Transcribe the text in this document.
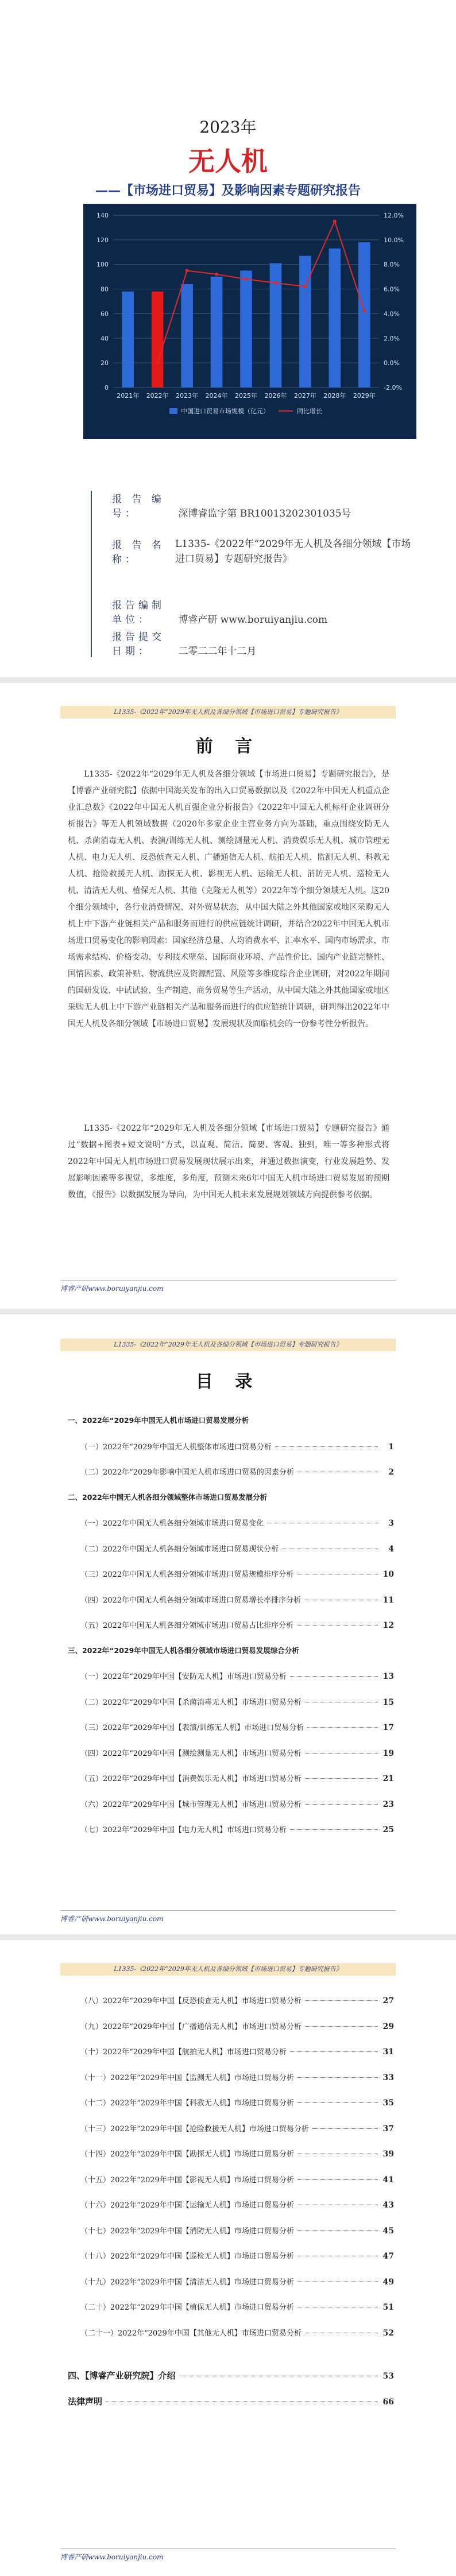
2023年
无人机
——【市场进口贸易】及影响因素专题研究报告
0
20
40
60
80
100
120
140
-2.0%
0.0%
2.0%
4.0%
6.0%
8.0%
10.0%
12.0%
2021年 2022年 2023年 2024年 2025年 2026年 2027年 2028年 2029年
中国进口贸易市场规模（亿元）	同比增长
报 告 编 号：	深博睿监字第 BR10013202301035号
报 告 名 称：
L1335-《2022年“2029年无人机及各细分领域【市场进口贸易】专题研究报告》
报告编制单位：	博睿产研 www.boruiyanjiu.com
报告提交日期：	二零二二年十二月
L1335-《2022年“2029年无人机及各细分领域【市场进口贸易】专题研究报告》
前 言
L1335-《2022年“2029年无人机及各细分领域【市场进口贸易】专题研究报告》，是【博睿产业研究院】依据中国海关发布的出入口贸易数据以及《2022年中国无人机重点企业汇总数》《2022年中国无人机百强企业分析报告》《2022年中国无人机标杆企业调研分析报告》等无人机领域数据（2020年多家企业主营业务方向为基础，重点围绕安防无人机、杀菌消毒无人机、表演/训练无人机、测绘测量无人机、消费娱乐无人机、城市管理无人机、电力无人机、反恐侦查无人机、广播通信无人机、航拍无人机、监测无人机、科教无人机、抢险救援无人机、勘探无人机、影视无人机、运输无人机、消防无人机、巡检无人机、清洁无人机、植保无人机、其他（克隆无人机等）2022年等个细分领域无人机。这20个细分领域中，各行业消费情况、对外贸易状态，从中国大陆之外其他国家或地区采购无人机上中下游产业链相关产品和服务而进行的供应链统计调研，并结合2022年中国无人机市场进口贸易变化的影响因素：国家经济总量、人均消费水平、汇率水平、国内市场需求、市场需求结构、价格变动、专利技术壁垒、国际商业环境、产品性价比、国内产业链完整性、国情因素、政策补贴、物流供应及资源配置、风险等多维度综合企业调研，对2022年期间的国研发设、中试试验、生产制造、商务贸易等生产活动，从中国大陆之外其他国家或地区采购无人机上中下游产业链相关产品和服务而进行的供应链统计调研，研判得出2022年中国无人机及各细分领域【市场进口贸易】发展现状及面临机会的一份参考性分析报告。
L1335-《2022年“2029年无人机及各细分领域【市场进口贸易】专题研究报告》通过“数据+图表+短文说明”方式，以直观、简洁、简要、客观、独到，唯一等多种形式将2022年中国无人机市场进口贸易发展现状展示出来，并通过数据演变，行业发展趋势、发展影响因素等多视觉，多维度，多角度，预测未来6年中国无人机市场进口贸易发展的预期数值，《报告》以数据发展为导向，为中国无人机未来发展规划领域方向提供参考依据。
博睿产研www.boruiyanjiu.com
L1335-《2022年“2029年无人机及各细分领域【市场进口贸易】专题研究报告》
目 录
博睿产研www.boruiyanjiu.com
一、2022年“2029年中国无人机市场进口贸易发展分析
（一）2022年“2029年中国无人机整体市场进口贸易分析	1
（二）2022年“2029年影响中国无人机市场进口贸易的因素分析	2
二、2022年中国无人机各细分领域整体市场进口贸易发展分析
（一）2022年中国无人机各细分领域市场进口贸易变化	3
（二）2022年中国无人机各细分领域市场进口贸易现状分析	4
（三）2022年中国无人机各细分领域市场进口贸易规模排序分析	10
（四）2022年中国无人机各细分领域市场进口贸易增长率排序分析	11
（五）2022年中国无人机各细分领域市场进口贸易占比排序分析	12
三、2022年“2029年中国无人机各细分领域市场进口贸易发展综合分析
（一）2022年“2029年中国【安防无人机】市场进口贸易分析	13
（二）2022年“2029年中国【杀菌消毒无人机】市场进口贸易分析	15
（三）2022年“2029年中国【表演/训练无人机】市场进口贸易分析	17
（四）2022年“2029年中国【测绘测量无人机】市场进口贸易分析	19
（五）2022年“2029年中国【消费娱乐无人机】市场进口贸易分析	21
（六）2022年“2029年中国【城市管理无人机】市场进口贸易分析	23
（七）2022年“2029年中国【电力无人机】市场进口贸易分析	25
L1335-《2022年“2029年无人机及各细分领域【市场进口贸易】专题研究报告》
博睿产研www.boruiyanjiu.com
（八）2022年“2029年中国【反恐侦查无人机】市场进口贸易分析	27
（九）2022年“2029年中国【广播通信无人机】市场进口贸易分析	29
（十）2022年“2029年中国【航拍无人机】市场进口贸易分析	31
（十一）2022年“2029年中国【监测无人机】市场进口贸易分析	33
（十二）2022年“2029年中国【科教无人机】市场进口贸易分析	35
（十三）2022年“2029年中国【抢险救援无人机】市场进口贸易分析	37
（十四）2022年“2029年中国【勘探无人机】市场进口贸易分析	39
（十五）2022年“2029年中国【影视无人机】市场进口贸易分析	41
（十六）2022年“2029年中国【运输无人机】市场进口贸易分析	43
（十七）2022年“2029年中国【消防无人机】市场进口贸易分析	45
（十八）2022年“2029年中国【巡检无人机】市场进口贸易分析	47
（十九）2022年“2029年中国【清洁无人机】市场进口贸易分析	49
（二十）2022年“2029年中国【植保无人机】市场进口贸易分析	51
（二十一）2022年“2029年中国【其他无人机】市场进口贸易分析	52
四、【博睿产业研究院】介绍	53
法律声明	66
